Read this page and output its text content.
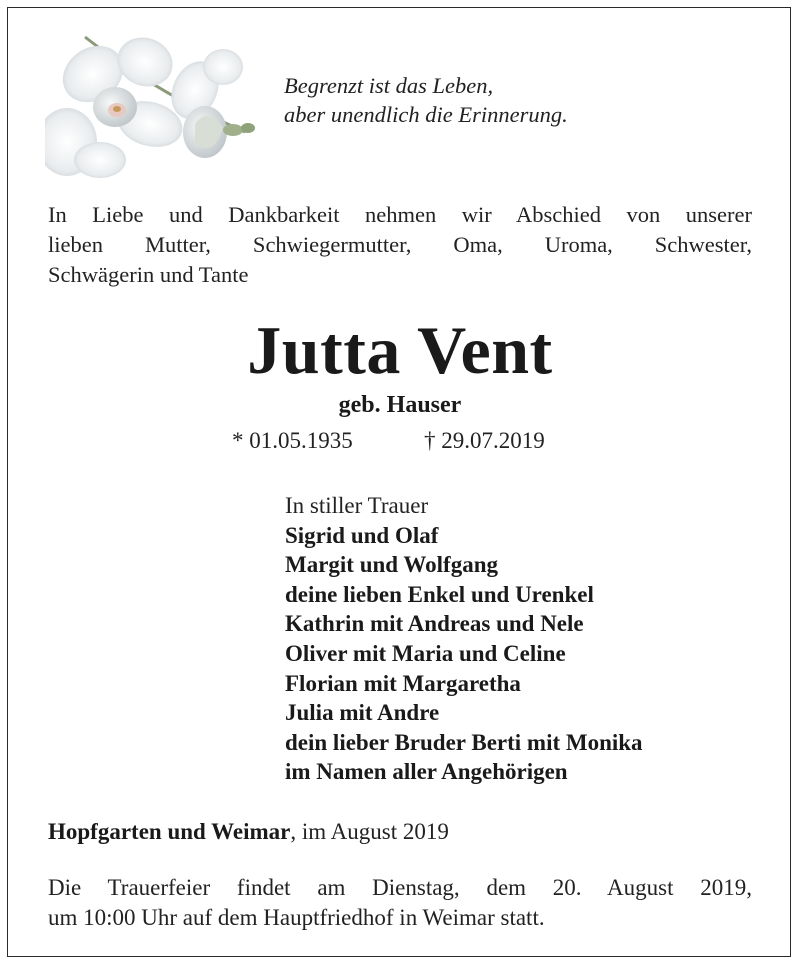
Begrenzt ist das Leben,
aber unendlich die Erinnerung.
In Liebe und Dankbarkeit nehmen wir Abschied von unserer
lieben Mutter, Schwiegermutter, Oma, Uroma, Schwester,
Schwägerin und Tante
Jutta Vent
geb. Hauser
* 01.05.1935	† 29.07.2019
In stiller Trauer
Sigrid und Olaf
Margit und Wolfgang
deine lieben Enkel und Urenkel
Kathrin mit Andreas und Nele
Oliver mit Maria und Celine
Florian mit Margaretha
Julia mit Andre
dein lieber Bruder Berti mit Monika
im Namen aller Angehörigen
Hopfgarten und Weimar, im August 2019
Die Trauerfeier findet am Dienstag, dem 20. August 2019,
um 10:00 Uhr auf dem Hauptfriedhof in Weimar statt.
